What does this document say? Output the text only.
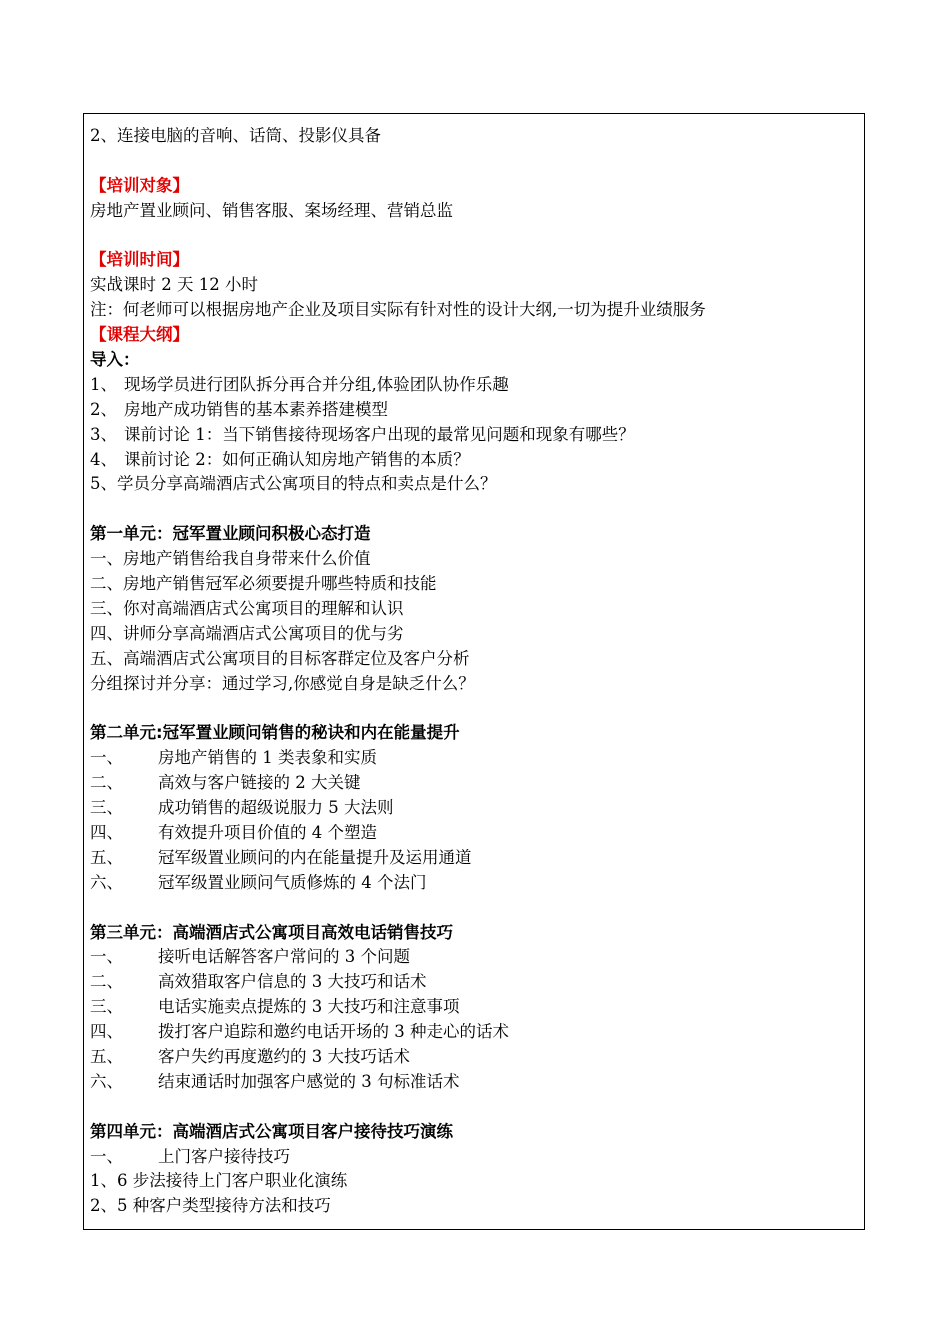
2、连接电脑的音响、话筒、投影仪具备
【培训对象】
房地产置业顾问、销售客服、案场经理、营销总监
【培训时间】
实战课时 2 天 12 小时
注：何老师可以根据房地产企业及项目实际有针对性的设计大纲,一切为提升业绩服务
【课程大纲】
导入：
1、 现场学员进行团队拆分再合并分组,体验团队协作乐趣
2、 房地产成功销售的基本素养搭建模型
3、 课前讨论 1：当下销售接待现场客户出现的最常见问题和现象有哪些？
4、 课前讨论 2：如何正确认知房地产销售的本质？
5、学员分享高端酒店式公寓项目的特点和卖点是什么？
第一单元：冠军置业顾问积极心态打造
一、房地产销售给我自身带来什么价值
二、房地产销售冠军必须要提升哪些特质和技能
三、你对高端酒店式公寓项目的理解和认识
四、讲师分享高端酒店式公寓项目的优与劣
五、高端酒店式公寓项目的目标客群定位及客户分析
分组探讨并分享：通过学习,你感觉自身是缺乏什么？
第二单元:冠军置业顾问销售的秘诀和内在能量提升
一、 房地产销售的 1 类表象和实质
二、 高效与客户链接的 2 大关键
三、 成功销售的超级说服力 5 大法则
四、 有效提升项目价值的 4 个塑造
五、 冠军级置业顾问的内在能量提升及运用通道
六、 冠军级置业顾问气质修炼的 4 个法门
第三单元：高端酒店式公寓项目高效电话销售技巧
一、 接听电话解答客户常问的 3 个问题
二、 高效猎取客户信息的 3 大技巧和话术
三、 电话实施卖点提炼的 3 大技巧和注意事项
四、 拨打客户追踪和邀约电话开场的 3 种走心的话术
五、 客户失约再度邀约的 3 大技巧话术
六、 结束通话时加强客户感觉的 3 句标准话术
第四单元：高端酒店式公寓项目客户接待技巧演练
一、 上门客户接待技巧
1、6 步法接待上门客户职业化演练
2、5 种客户类型接待方法和技巧
